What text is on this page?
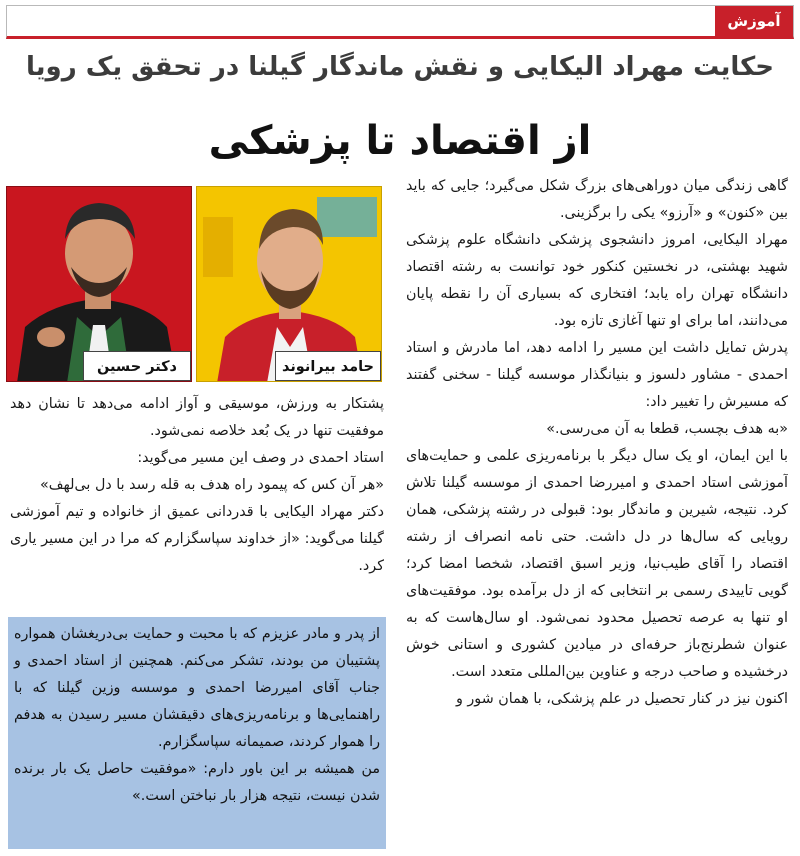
آموزش
حکایت مهراد الیکایی و نقش ماندگار گیلنا در تحقق یک رویا
از اقتصاد تا پزشکی

گاهی زندگی میان دوراهی‌های بزرگ شکل می‌گیرد؛ جایی که باید بین «کنون» و «آرزو» یکی را برگزینی.

مهراد الیکایی، امروز دانشجوی پزشکی دانشگاه علوم پزشکی شهید بهشتی، در نخستین کنکور خود توانست به رشته اقتصاد دانشگاه تهران راه یابد؛ افتخاری که بسیاری آن را نقطه پایان می‌دانند، اما برای او تنها آغازی تازه بود.

پدرش تمایل داشت این مسیر را ادامه دهد، اما مادرش و استاد احمدی - مشاور دلسوز و بنیانگذار موسسه گیلنا - سخنی گفتند که مسیرش را تغییر داد:

«به هدف بچسب، قطعا به آن می‌رسی.»

با این ایمان، او یک سال دیگر با برنامه‌ریزی علمی و حمایت‌های آموزشی استاد احمدی و امیررضا احمدی از موسسه گیلنا تلاش کرد. نتیجه، شیرین و ماندگار بود: قبولی در رشته پزشکی، همان رویایی که سال‌ها در دل داشت. حتی نامه انصراف از رشته اقتصاد را آقای طیب‌نیا، وزیر اسبق اقتصاد، شخصا امضا کرد؛ گویی تاییدی رسمی بر انتخابی که از دل برآمده بود. موفقیت‌های او تنها به عرصه تحصیل محدود نمی‌شود. او سال‌هاست که به عنوان شطرنج‌باز حرفه‌ای در میادین کشوری و استانی خوش درخشیده و صاحب درجه و عناوین بین‌المللی متعدد است.

اکنون نیز در کنار تحصیل در علم پزشکی، با همان شور و

حامد بیرانوند
دکتر حسین

پشتکار به ورزش، موسیقی و آواز ادامه می‌دهد تا نشان دهد موفقیت تنها در یک بُعد خلاصه نمی‌شود.

استاد احمدی در وصف این مسیر می‌گوید:

«هر آن کس که پیمود راه هدف به قله رسد با دل بی‌لهف»

دکتر مهراد الیکایی با قدردانی عمیق از خانواده و تیم آموزشی گیلنا می‌گوید: «از خداوند سپاسگزارم که مرا در این مسیر یاری کرد.

از پدر و مادر عزیزم که با محبت و حمایت بی‌دریغشان همواره پشتیبان من بودند، تشکر می‌کنم. همچنین از استاد احمدی و جناب آقای امیررضا احمدی و موسسه وزین گیلنا که با راهنمایی‌ها و برنامه‌ریزی‌های دقیقشان مسیر رسیدن به هدفم را هموار کردند، صمیمانه سپاسگزارم.

من همیشه بر این باور دارم: «موفقیت حاصل یک بار برنده شدن نیست، نتیجه هزار بار نباختن است.»
